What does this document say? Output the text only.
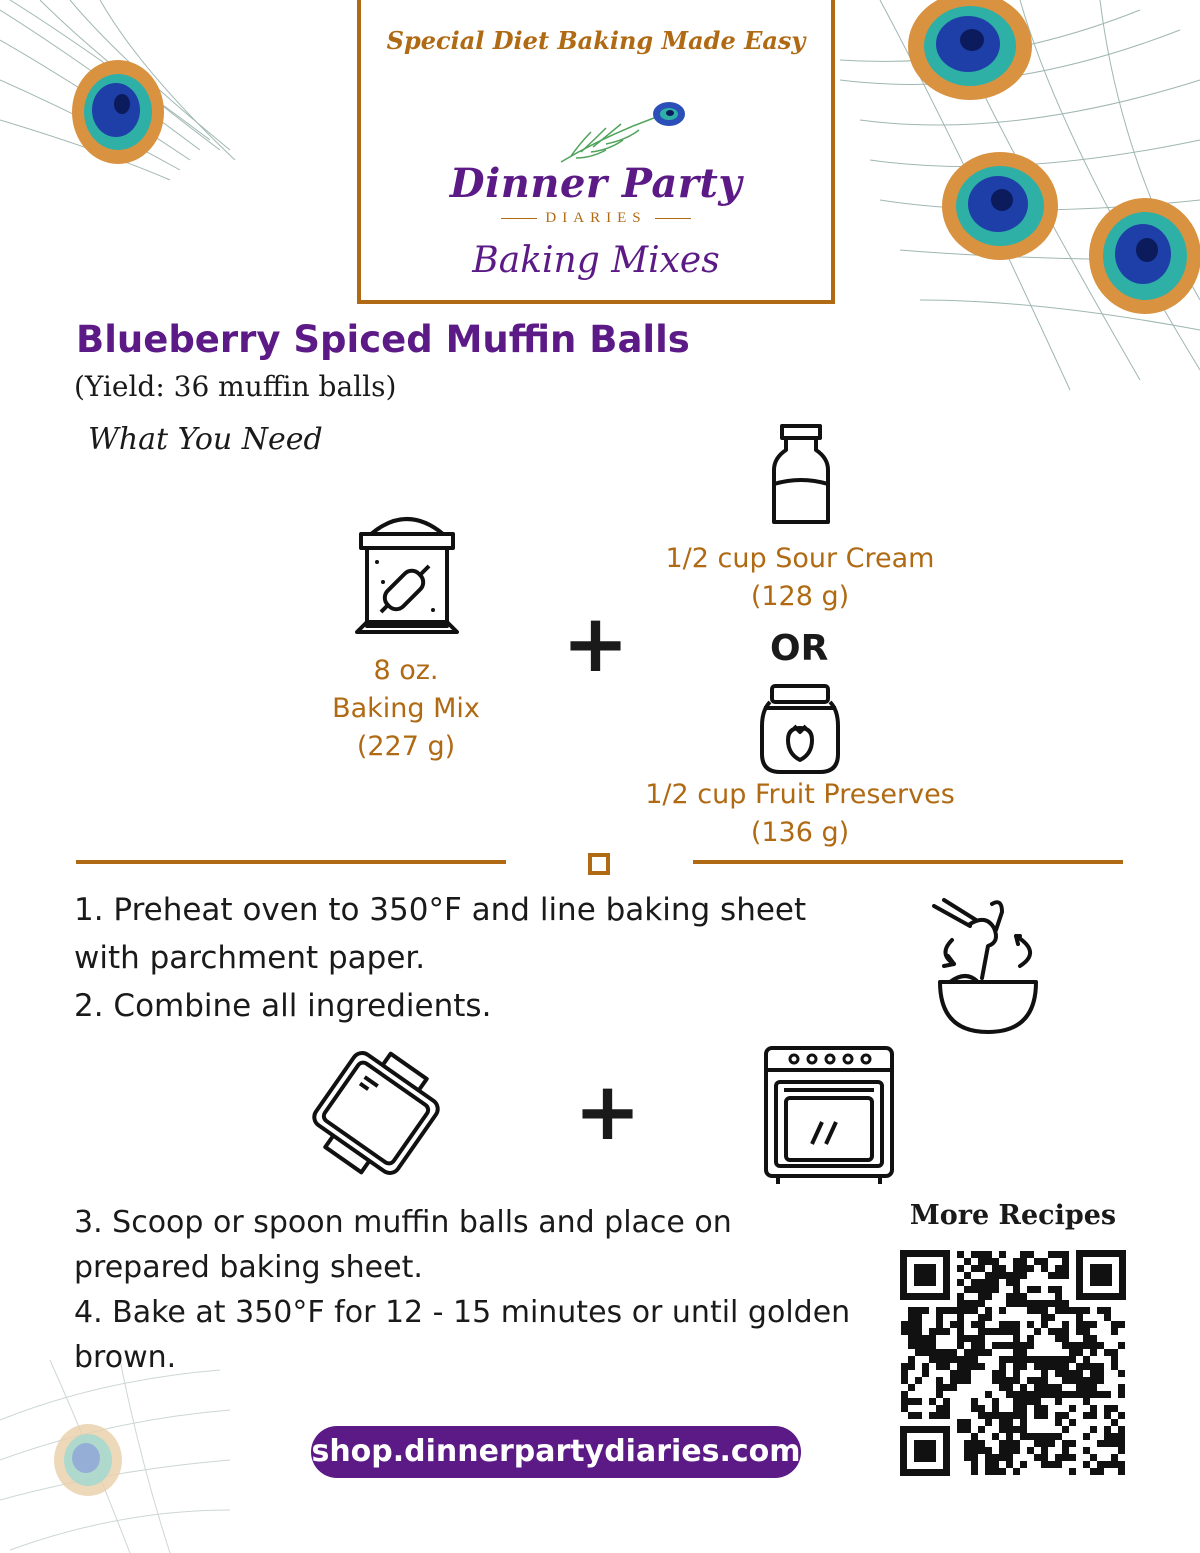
Special Diet Baking Made Easy
Dinner Party
DIARIES
Baking Mixes
Blueberry Spiced Muffin Balls
(Yield: 36 muffin balls)
What You Need
8 oz.
Baking Mix
(227 g)
+
1/2 cup Sour Cream
(128 g)
OR
1/2 cup Fruit Preserves
(136 g)
1. Preheat oven to 350°F and line baking sheet
with parchment paper.
2. Combine all ingredients.
+
3. Scoop or spoon muffin balls and place on
prepared baking sheet.
4. Bake at 350°F for 12 - 15 minutes or until golden
brown.
More Recipes
shop.dinnerpartydiaries.com
